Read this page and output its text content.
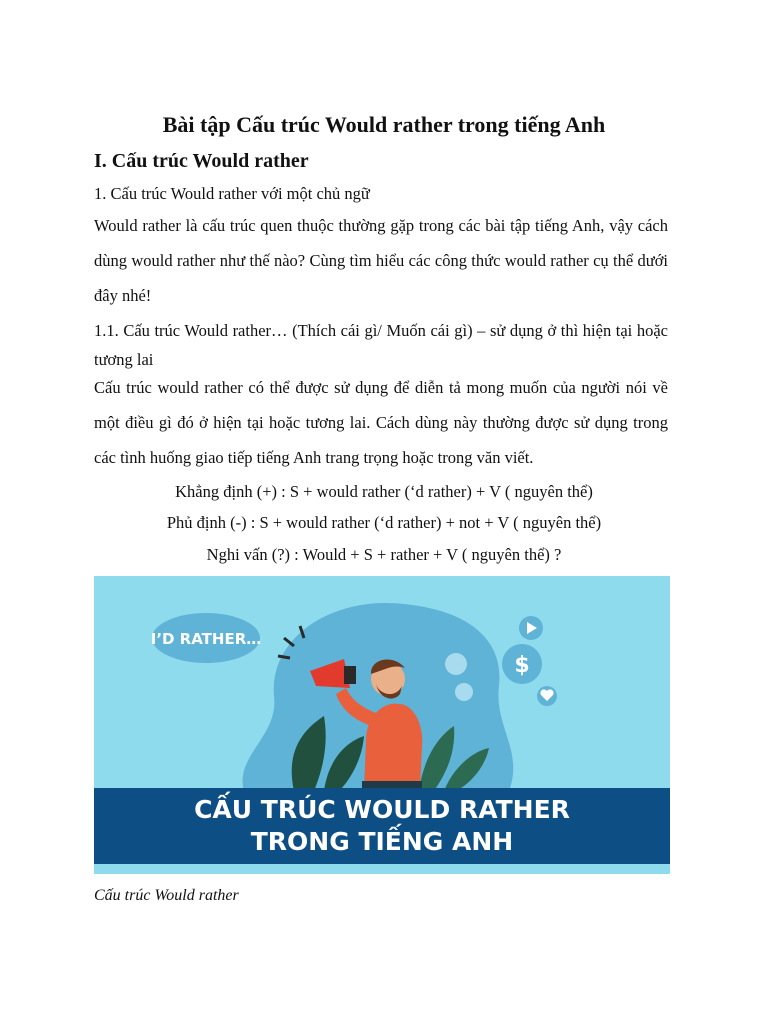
Bài tập Cấu trúc Would rather trong tiếng Anh
I. Cấu trúc Would rather
1. Cấu trúc Would rather với một chủ ngữ
Would rather là cấu trúc quen thuộc thường gặp trong các bài tập tiếng Anh, vậy cách dùng would rather như thế nào? Cùng tìm hiểu các công thức would rather cụ thể dưới đây nhé!
1.1. Cấu trúc Would rather… (Thích cái gì/ Muốn cái gì) – sử dụng ở thì hiện tại hoặc tương lai
Cấu trúc would rather có thể được sử dụng để diễn tả mong muốn của người nói về một điều gì đó ở hiện tại hoặc tương lai. Cách dùng này thường được sử dụng trong các tình huống giao tiếp tiếng Anh trang trọng hoặc trong văn viết.
Khẳng định (+) : S + would rather (‘d rather) + V ( nguyên thể)
Phủ định (-) : S + would rather (‘d rather) + not + V ( nguyên thể)
Nghi vấn (?) : Would + S + rather + V ( nguyên thể) ?
I’D RATHER…
$
CẤU TRÚC WOULD RATHER
TRONG TIẾNG ANH
Cấu trúc Would rather
